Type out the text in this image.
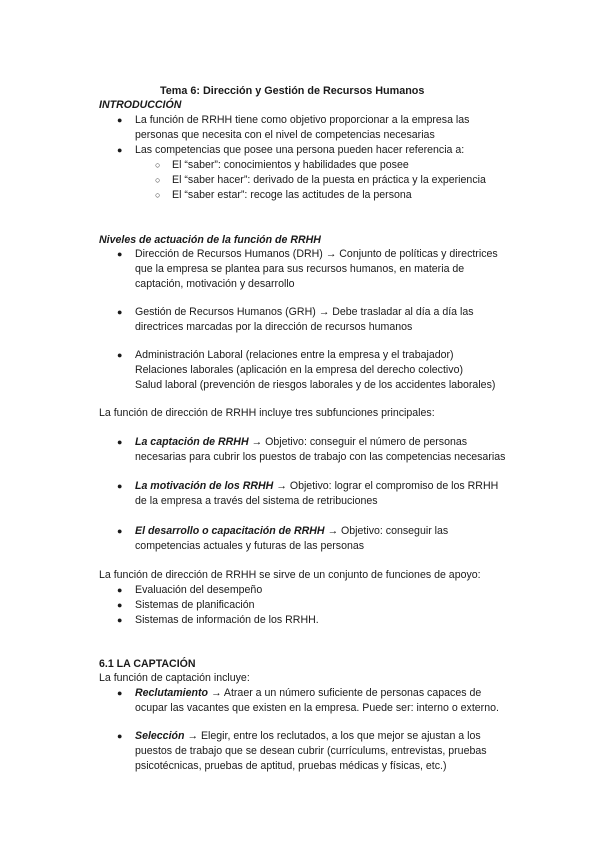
Tema 6: Dirección y Gestión de Recursos Humanos
INTRODUCCIÓN
● La función de RRHH tiene como objetivo proporcionar a la empresa las
personas que necesita con el nivel de competencias necesarias
● Las competencias que posee una persona pueden hacer referencia a:
○ El “saber”: conocimientos y habilidades que posee
○ El “saber hacer”: derivado de la puesta en práctica y la experiencia
○ El “saber estar”: recoge las actitudes de la persona
Niveles de actuación de la función de RRHH
● Dirección de Recursos Humanos (DRH) → Conjunto de políticas y directrices
que la empresa se plantea para sus recursos humanos, en materia de
captación, motivación y desarrollo
● Gestión de Recursos Humanos (GRH) → Debe trasladar al día a día las
directrices marcadas por la dirección de recursos humanos
● Administración Laboral (relaciones entre la empresa y el trabajador)
Relaciones laborales (aplicación en la empresa del derecho colectivo)
Salud laboral (prevención de riesgos laborales y de los accidentes laborales)
La función de dirección de RRHH incluye tres subfunciones principales:
● La captación de RRHH → Objetivo: conseguir el número de personas
necesarias para cubrir los puestos de trabajo con las competencias necesarias
● La motivación de los RRHH → Objetivo: lograr el compromiso de los RRHH
de la empresa a través del sistema de retribuciones
● El desarrollo o capacitación de RRHH → Objetivo: conseguir las
competencias actuales y futuras de las personas
La función de dirección de RRHH se sirve de un conjunto de funciones de apoyo:
● Evaluación del desempeño
● Sistemas de planificación
● Sistemas de información de los RRHH.
6.1 LA CAPTACIÓN
La función de captación incluye:
● Reclutamiento → Atraer a un número suficiente de personas capaces de
ocupar las vacantes que existen en la empresa. Puede ser: interno o externo.
● Selección → Elegir, entre los reclutados, a los que mejor se ajustan a los
puestos de trabajo que se desean cubrir (currículums, entrevistas, pruebas
psicotécnicas, pruebas de aptitud, pruebas médicas y físicas, etc.)
